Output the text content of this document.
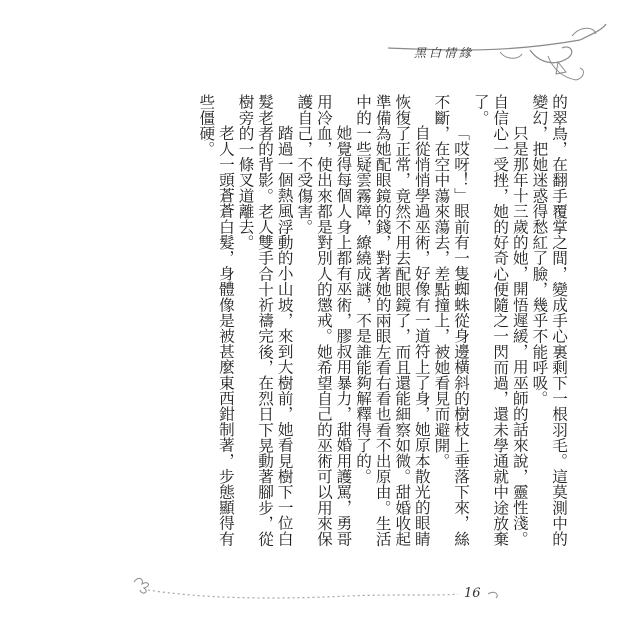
黑白情緣

的翠鳥，在翻手覆掌之間，變成手心裏剩下一根羽毛。這莫測中的變幻，把她迷惑得愁紅了臉，幾乎不能呼吸。

只是那年十三歲的她，開悟遲緩，用巫師的話來說，靈性淺。自信心一受挫，她的好奇心便隨之一閃而過，還未學通就中途放棄了。

「哎呀！」眼前有一隻蜘蛛從身邊橫斜的樹枝上垂落下來，絲不斷，在空中蕩來蕩去，差點撞上，被她看見而避開。

自從悄悄學過巫術，好像有一道符上了身，她原本散光的眼睛恢復了正常，竟然不用去配眼鏡了，而且還能細察如微。甜婚收起準備為她配眼鏡的錢，對著她的兩眼左看右看也看不出原由。生活中的一些疑雲霧障，繚繞成謎，不是誰能夠解釋得了的。

她覺得每個人身上都有巫術，膠叔用暴力，甜婚用護罵，勇哥用冷血，使出來都是對別人的懲戒。她希望自己的巫術可以用來保護自己，不受傷害。

踏過一個熱風浮動的小山坡，來到大樹前，她看見樹下一位白髮老者的背影。老人雙手合十祈禱完後，在烈日下晃動著腳步，從樹旁的一條叉道離去。

老人一頭蒼蒼白髮，身體像是被甚麼東西鉗制著，步態顯得有些僵硬。

16
